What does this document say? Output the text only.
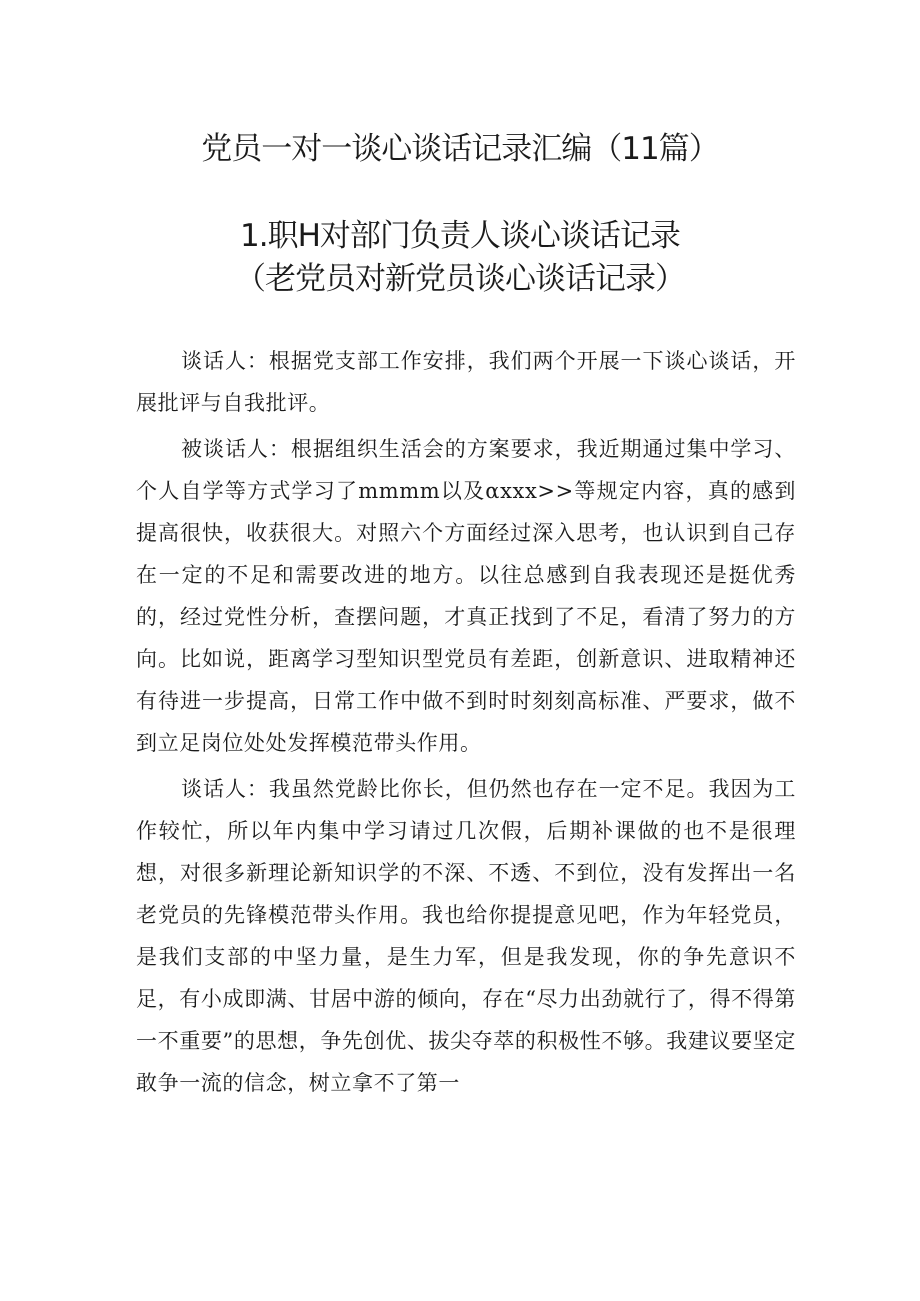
党员一对一谈心谈话记录汇编（11篇）
1.职H对部门负责人谈心谈话记录
（老党员对新党员谈心谈话记录）

谈话人：根据党支部工作安排，我们两个开展一下谈心谈话，开展批评与自我批评。

被谈话人：根据组织生活会的方案要求，我近期通过集中学习、个人自学等方式学习了mmmm以及αxxx>>等规定内容，真的感到提高很快，收获很大。对照六个方面经过深入思考，也认识到自己存在一定的不足和需要改进的地方。以往总感到自我表现还是挺优秀的，经过党性分析，查摆问题，才真正找到了不足，看清了努力的方向。比如说，距离学习型知识型党员有差距，创新意识、进取精神还有待进一步提高，日常工作中做不到时时刻刻高标准、严要求，做不到立足岗位处处发挥模范带头作用。

谈话人：我虽然党龄比你长，但仍然也存在一定不足。我因为工作较忙，所以年内集中学习请过几次假，后期补课做的也不是很理想，对很多新理论新知识学的不深、不透、不到位，没有发挥出一名老党员的先锋模范带头作用。我也给你提提意见吧，作为年轻党员，是我们支部的中坚力量，是生力军，但是我发现，你的争先意识不足，有小成即满、甘居中游的倾向，存在“尽力出劲就行了，得不得第一不重要”的思想，争先创优、拔尖夺萃的积极性不够。我建议要坚定敢争一流的信念，树立拿不了第一
